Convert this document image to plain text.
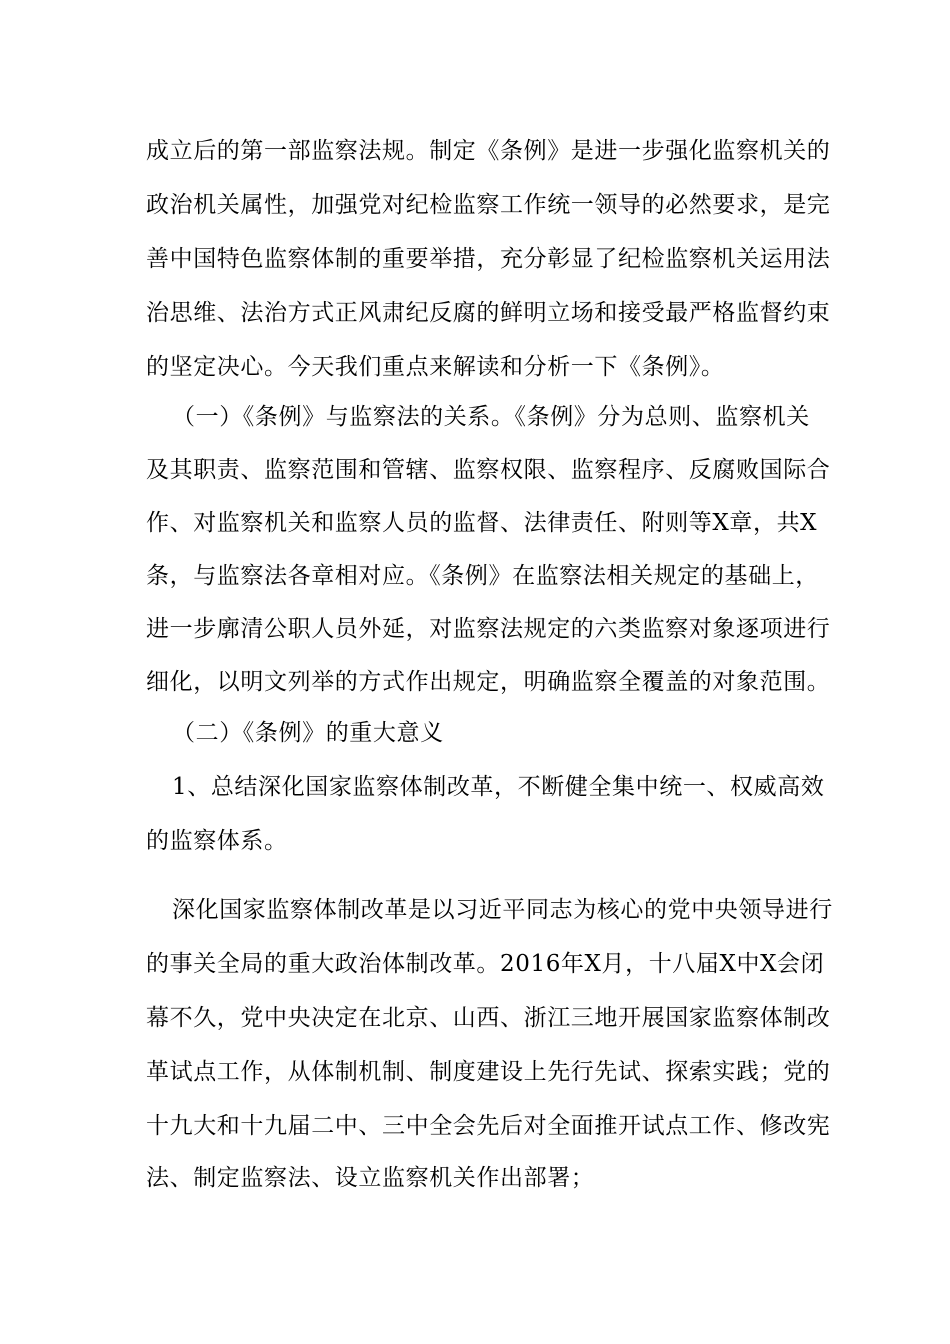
成立后的第一部监察法规。制定《条例》是进一步强化监察机关的
政治机关属性，加强党对纪检监察工作统一领导的必然要求，是完
善中国特色监察体制的重要举措，充分彰显了纪检监察机关运用法
治思维、法治方式正风肃纪反腐的鲜明立场和接受最严格监督约束
的坚定决心。今天我们重点来解读和分析一下《条例》。
（一）《条例》与监察法的关系。《条例》分为总则、监察机关
及其职责、监察范围和管辖、监察权限、监察程序、反腐败国际合
作、对监察机关和监察人员的监督、法律责任、附则等X章，共X
条，与监察法各章相对应。《条例》在监察法相关规定的基础上，
进一步廓清公职人员外延，对监察法规定的六类监察对象逐项进行
细化，以明文列举的方式作出规定，明确监察全覆盖的对象范围。
（二）《条例》的重大意义
1、总结深化国家监察体制改革，不断健全集中统一、权威高效
的监察体系。
深化国家监察体制改革是以习近平同志为核心的党中央领导进行
的事关全局的重大政治体制改革。2016年X月，十八届X中X会闭
幕不久，党中央决定在北京、山西、浙江三地开展国家监察体制改
革试点工作，从体制机制、制度建设上先行先试、探索实践；党的
十九大和十九届二中、三中全会先后对全面推开试点工作、修改宪
法、制定监察法、设立监察机关作出部署；
